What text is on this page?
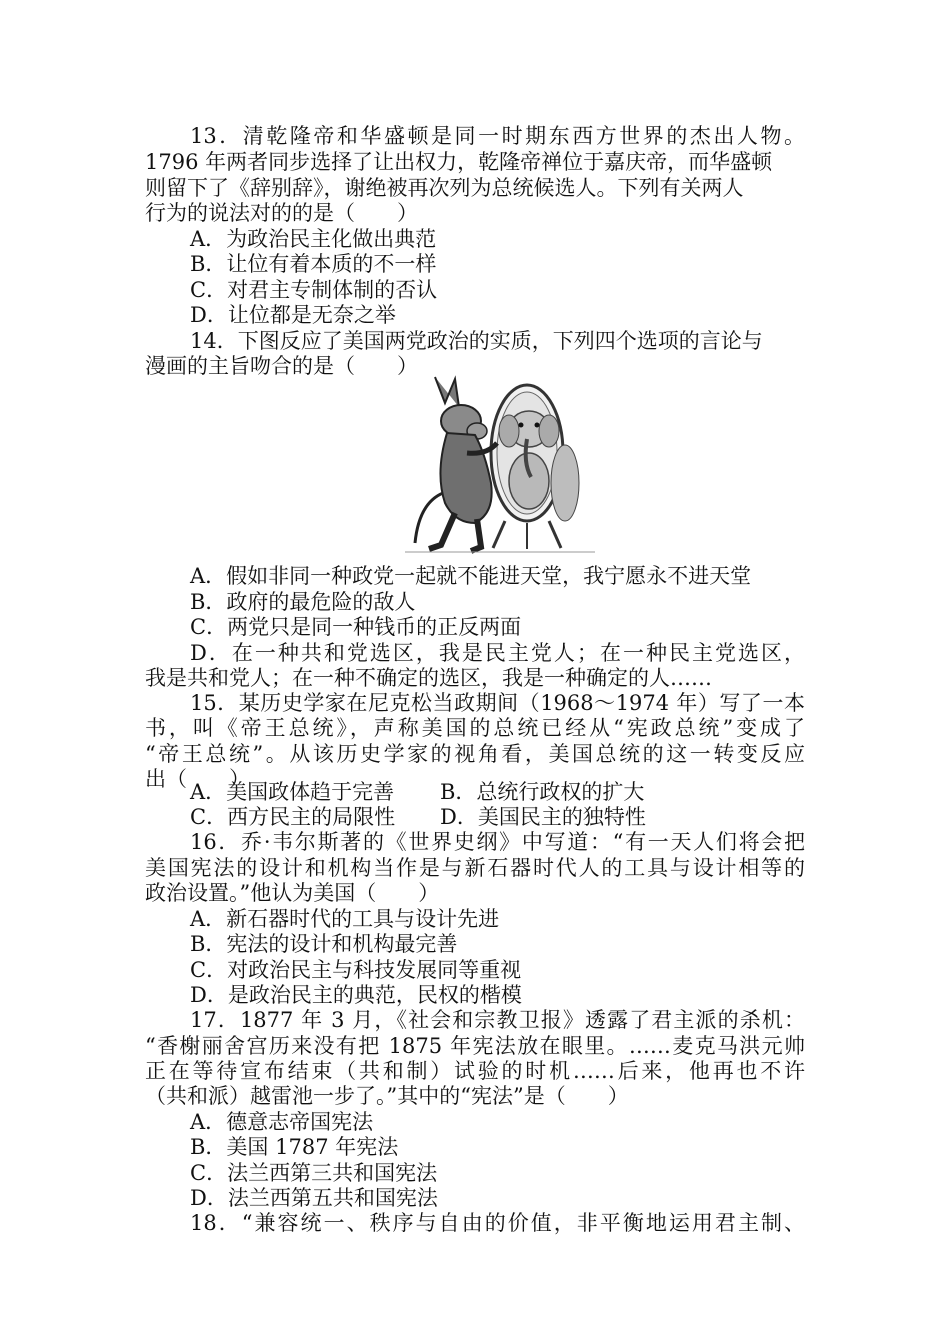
13．清乾隆帝和华盛顿是同一时期东西方世界的杰出人物。
1796 年两者同步选择了让出权力，乾隆帝禅位于嘉庆帝，而华盛顿
则留下了《辞别辞》，谢绝被再次列为总统候选人。下列有关两人
行为的说法对的的是（　　）
A．为政治民主化做出典范
B．让位有着本质的不一样
C．对君主专制体制的否认
D．让位都是无奈之举
14．下图反应了美国两党政治的实质，下列四个选项的言论与
漫画的主旨吻合的是（　　）
A．假如非同一种政党一起就不能进天堂，我宁愿永不进天堂
B．政府的最危险的敌人
C．两党只是同一种钱币的正反两面
D．在一种共和党选区，我是民主党人；在一种民主党选区，
我是共和党人；在一种不确定的选区，我是一种确定的人……
15．某历史学家在尼克松当政期间（1968～1974 年）写了一本
书，叫《帝王总统》，声称美国的总统已经从“宪政总统”变成了
“帝王总统”。从该历史学家的视角看，美国总统的这一转变反应
出（　　）
A．美国政体趋于完善 B．总统行政权的扩大
C．西方民主的局限性 D．美国民主的独特性
16．乔·韦尔斯著的《世界史纲》中写道：“有一天人们将会把
美国宪法的设计和机构当作是与新石器时代人的工具与设计相等的
政治设置。”他认为美国（　　）
A．新石器时代的工具与设计先进
B．宪法的设计和机构最完善
C．对政治民主与科技发展同等重视
D．是政治民主的典范，民权的楷模
17．1877 年 3 月，《社会和宗教卫报》透露了君主派的杀机：
“香榭丽舍宫历来没有把 1875 年宪法放在眼里。……麦克马洪元帅
正在等待宣布结束（共和制）试验的时机……后来，他再也不许
（共和派）越雷池一步了。”其中的“宪法”是（　　）
A．德意志帝国宪法
B．美国 1787 年宪法
C．法兰西第三共和国宪法
D．法兰西第五共和国宪法
18．“兼容统一、秩序与自由的价值，非平衡地运用君主制、
